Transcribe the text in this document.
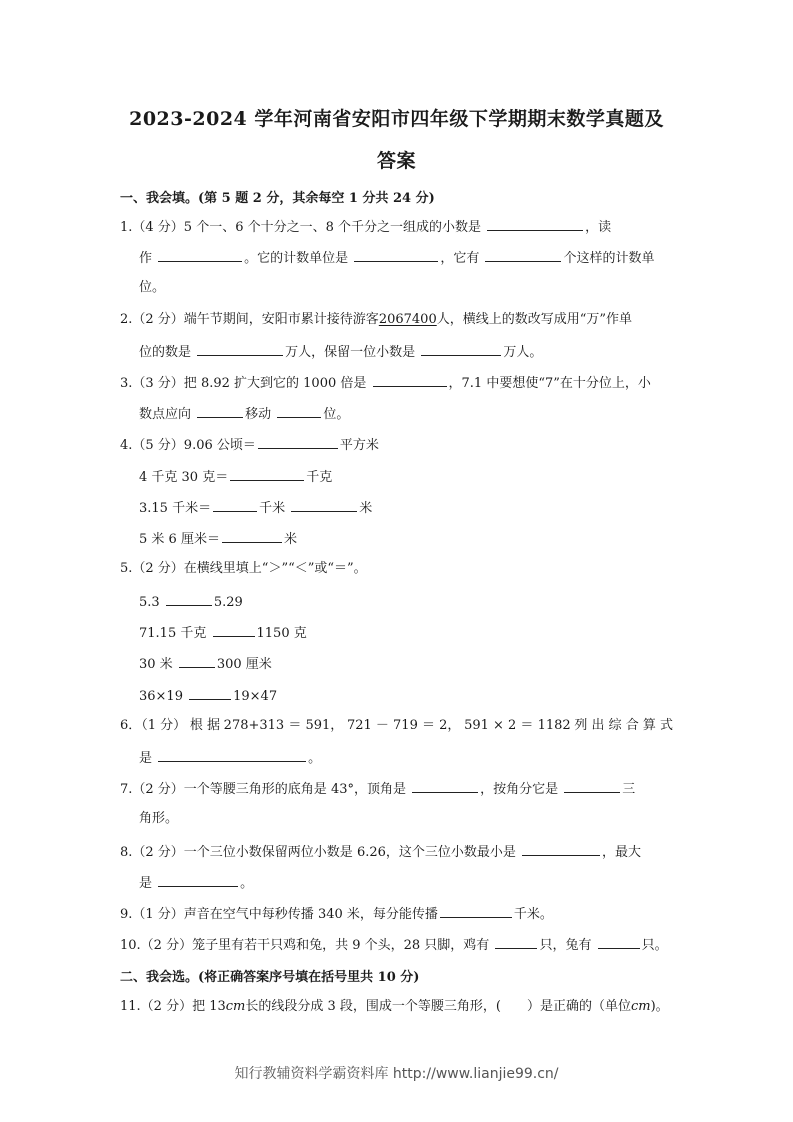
2023-2024 学年河南省安阳市四年级下学期期末数学真题及
答案
一、我会填。(第 5 题 2 分，其余每空 1 分共 24 分)
1.（4 分）5 个一、6 个十分之一、8 个千分之一组成的小数是	，读
作	。它的计数单位是	，它有	个这样的计数单
位。
2.（2 分）端午节期间，安阳市累计接待游客2067400人，横线上的数改写成用“万”作单
位的数是	万人，保留一位小数是	万人。
3.（3 分）把 8.92 扩大到它的 1000 倍是	，7.1 中要想使“7”在十分位上，小
数点应向	移动	位。
4.（5 分）9.06 公顷＝	平方米
4 千克 30 克＝	千克
3.15 千米＝	千米	米
5 米 6 厘米＝	米
5.（2 分）在横线里填上“＞”“＜”或“＝”。
5.3	5.29
71.15 千克	1150 克
30 米	300 厘米
36×19	19×47
6．（1 分） 根 据 278+313 ＝ 591， 721 － 719 ＝ 2， 591 × 2 ＝ 1182 列 出 综 合 算 式
是	。
7.（2 分）一个等腰三角形的底角是 43°，顶角是	，按角分它是	三
角形。
8.（2 分）一个三位小数保留两位小数是 6.26，这个三位小数最小是	，最大
是	。
9.（1 分）声音在空气中每秒传播 340 米，每分能传播	千米。
10.（2 分）笼子里有若干只鸡和兔，共 9 个头，28 只脚，鸡有	只，兔有	只。
二、我会选。(将正确答案序号填在括号里共 10 分)
11.（2 分）把 13cm长的线段分成 3 段，围成一个等腰三角形，(　　）是正确的（单位cm)。
知行教辅资料学霸资料库 http://www.lianjie99.cn/
